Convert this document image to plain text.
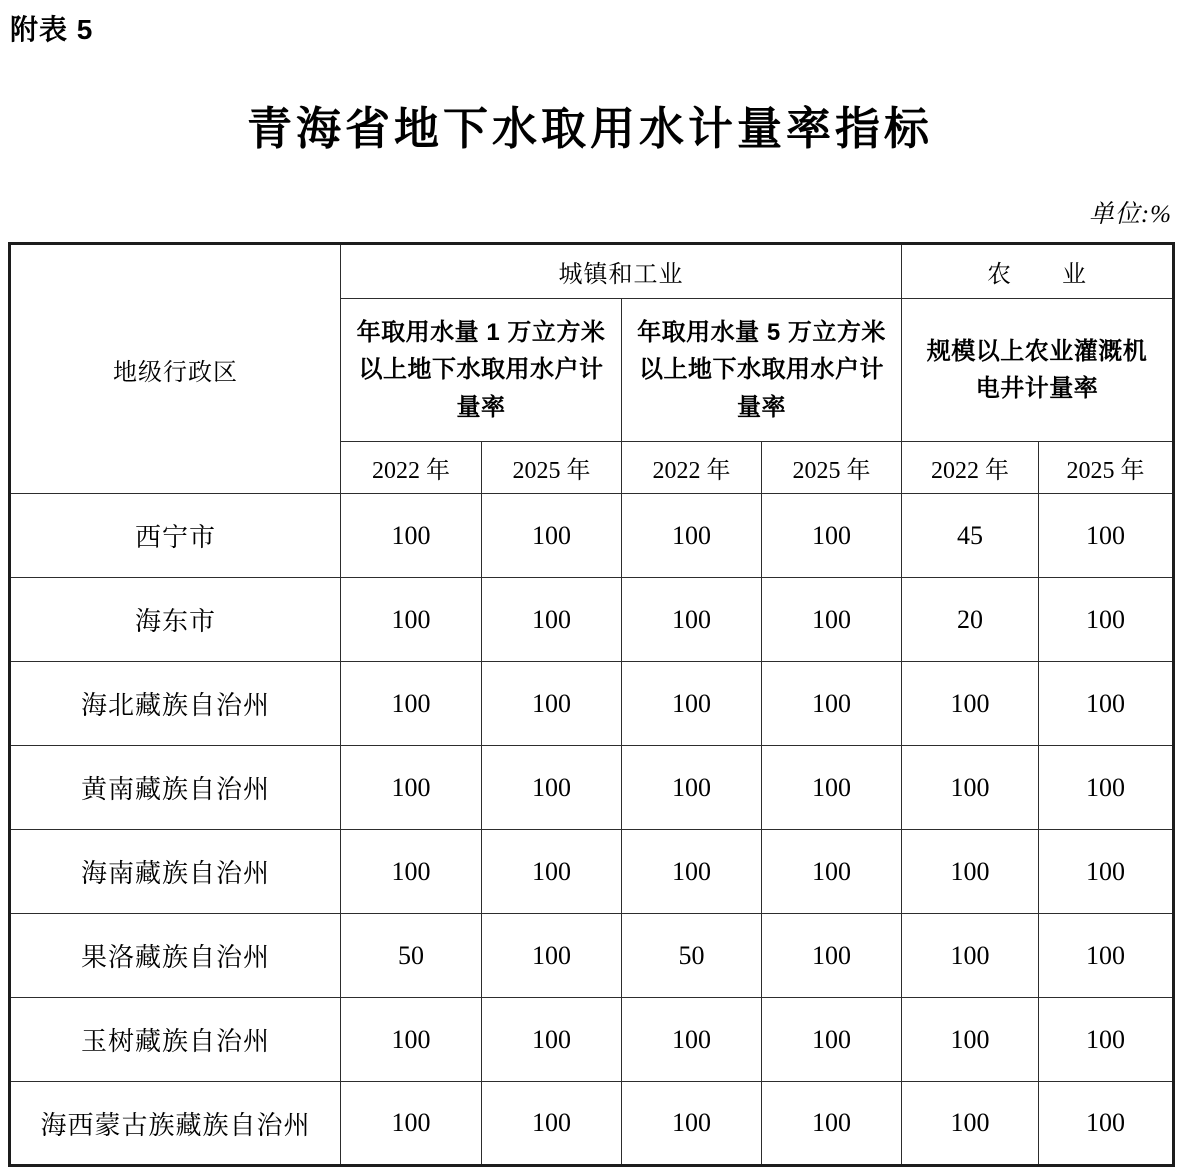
附表 5
青海省地下水取用水计量率指标
单位:%
地级行政区	城镇和工业				农　　业	
	年取用水量 1 万立方米以上地下水取用水户计量率		年取用水量 5 万立方米以上地下水取用水户计量率		规模以上农业灌溉机电井计量率	
	2022 年	2025 年	2022 年	2025 年	2022 年	2025 年
西宁市	100	100	100	100	45	100
海东市	100	100	100	100	20	100
海北藏族自治州	100	100	100	100	100	100
黄南藏族自治州	100	100	100	100	100	100
海南藏族自治州	100	100	100	100	100	100
果洛藏族自治州	50	100	50	100	100	100
玉树藏族自治州	100	100	100	100	100	100
海西蒙古族藏族自治州	100	100	100	100	100	100
